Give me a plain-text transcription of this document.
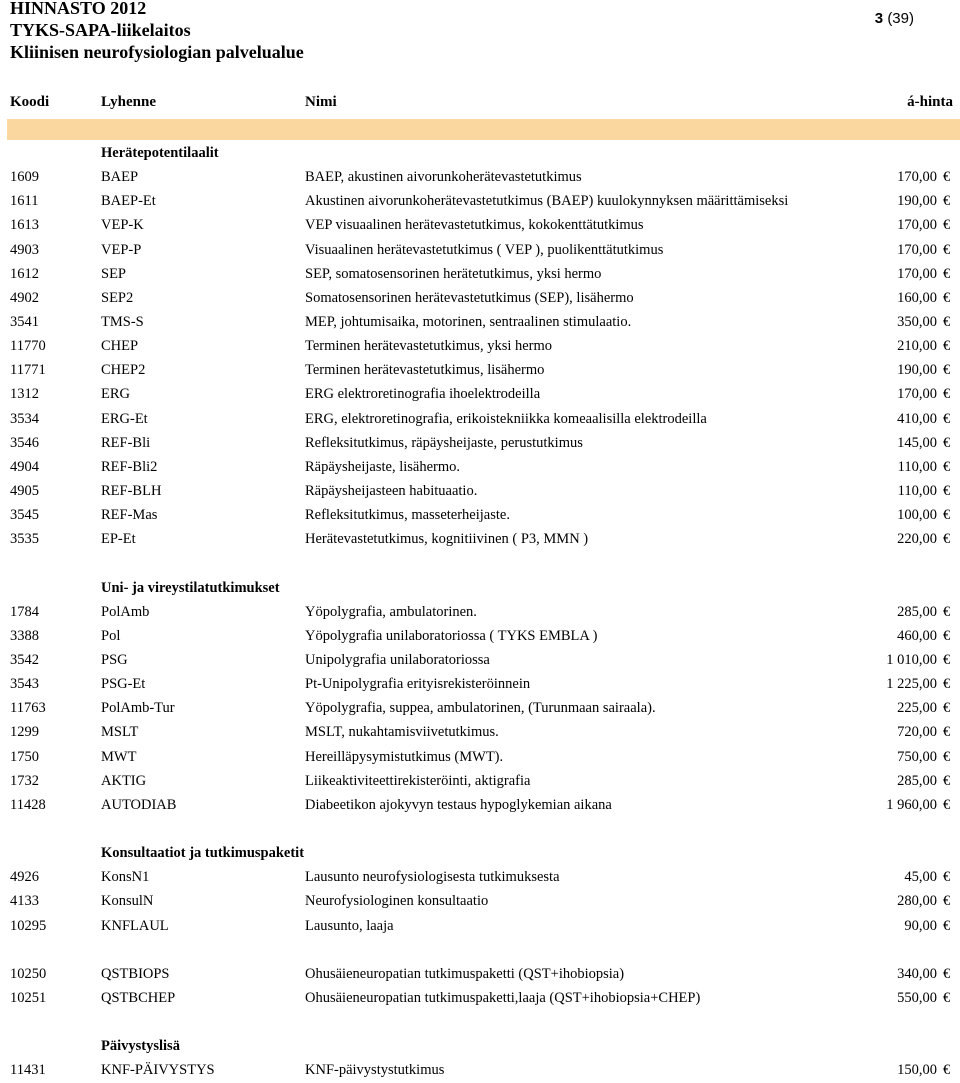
HINNASTO 2012
TYKS-SAPA-liikelaitos
Kliinisen neurofysiologian palvelualue
3 (39)
Koodi	Lyhenne	Nimi	á-hinta
Herätepotentilaalit
1609	BAEP	BAEP, akustinen aivorunkoherätevastetutkimus	170,00 €
1611	BAEP-Et	Akustinen aivorunkoherätevastetutkimus (BAEP) kuulokynnyksen määrittämiseksi	190,00 €
1613	VEP-K	VEP visuaalinen herätevastetutkimus, kokokenttätutkimus	170,00 €
4903	VEP-P	Visuaalinen herätevastetutkimus ( VEP ), puolikenttätutkimus	170,00 €
1612	SEP	SEP, somatosensorinen herätetutkimus, yksi hermo	170,00 €
4902	SEP2	Somatosensorinen herätevastetutkimus (SEP), lisähermo	160,00 €
3541	TMS-S	MEP, johtumisaika, motorinen, sentraalinen stimulaatio.	350,00 €
11770	CHEP	Terminen herätevastetutkimus, yksi hermo	210,00 €
11771	CHEP2	Terminen herätevastetutkimus, lisähermo	190,00 €
1312	ERG	ERG elektroretinografia ihoelektrodeilla	170,00 €
3534	ERG-Et	ERG, elektroretinografia, erikoistekniikka komeaalisilla elektrodeilla	410,00 €
3546	REF-Bli	Refleksitutkimus, räpäysheijaste, perustutkimus	145,00 €
4904	REF-Bli2	Räpäysheijaste, lisähermo.	110,00 €
4905	REF-BLH	Räpäysheijasteen habituaatio.	110,00 €
3545	REF-Mas	Refleksitutkimus, masseterheijaste.	100,00 €
3535	EP-Et	Herätevastetutkimus, kognitiivinen ( P3, MMN )	220,00 €
Uni- ja vireystilatutkimukset
1784	PolAmb	Yöpolygrafia, ambulatorinen.	285,00 €
3388	Pol	Yöpolygrafia unilaboratoriossa ( TYKS EMBLA )	460,00 €
3542	PSG	Unipolygrafia unilaboratoriossa	1 010,00 €
3543	PSG-Et	Pt-Unipolygrafia erityisrekisteröinnein	1 225,00 €
11763	PolAmb-Tur	Yöpolygrafia, suppea, ambulatorinen, (Turunmaan sairaala).	225,00 €
1299	MSLT	MSLT, nukahtamisviivetutkimus.	720,00 €
1750	MWT	Hereilläpysymistutkimus (MWT).	750,00 €
1732	AKTIG	Liikeaktiviteettirekisteröinti, aktigrafia	285,00 €
11428	AUTODIAB	Diabeetikon ajokyvyn testaus hypoglykemian aikana	1 960,00 €
Konsultaatiot ja tutkimuspaketit
4926	KonsN1	Lausunto neurofysiologisesta tutkimuksesta	45,00 €
4133	KonsulN	Neurofysiologinen konsultaatio	280,00 €
10295	KNFLAUL	Lausunto, laaja	90,00 €
10250	QSTBIOPS	Ohusäieneuropatian tutkimuspaketti (QST+ihobiopsia)	340,00 €
10251	QSTBCHEP	Ohusäieneuropatian tutkimuspaketti,laaja (QST+ihobiopsia+CHEP)	550,00 €
Päivystyslisä
11431	KNF-PÄIVYSTYS	KNF-päivystystutkimus	150,00 €
